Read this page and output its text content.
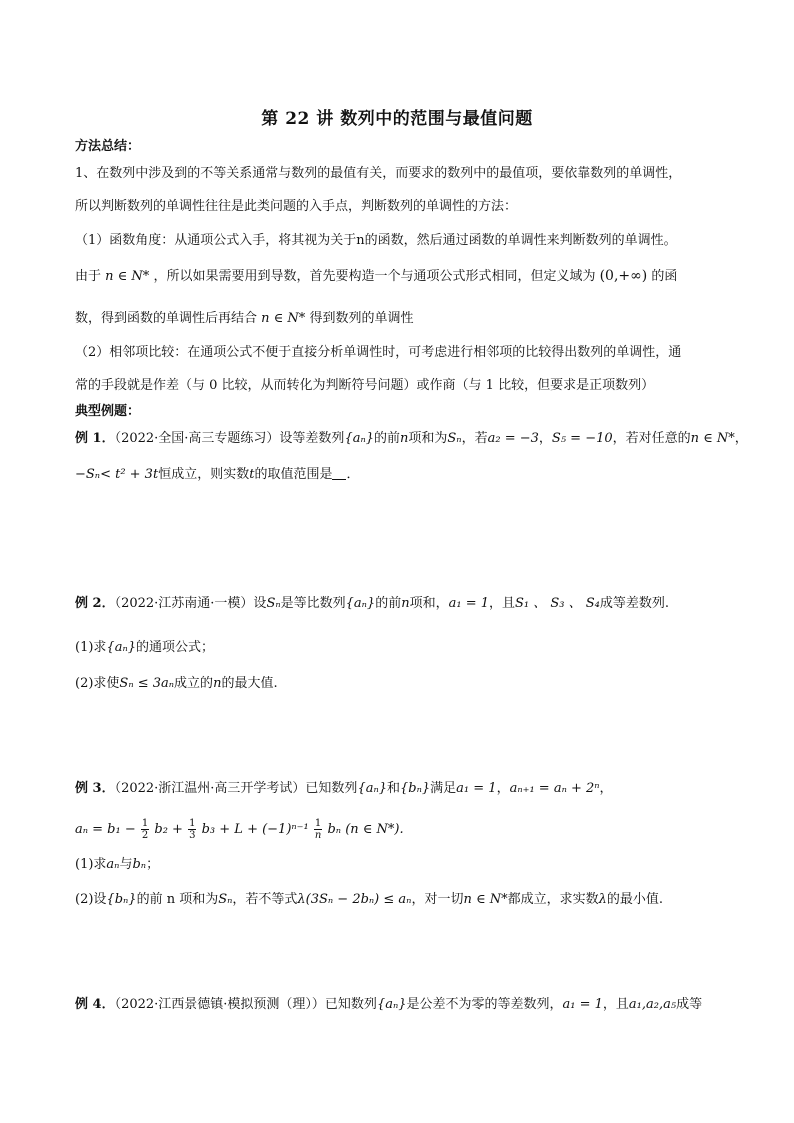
第 22 讲 数列中的范围与最值问题
方法总结：
1、在数列中涉及到的不等关系通常与数列的最值有关，而要求的数列中的最值项，要依靠数列的单调性，
所以判断数列的单调性往往是此类问题的入手点，判断数列的单调性的方法：
（1）函数角度：从通项公式入手，将其视为关于n的函数，然后通过函数的单调性来判断数列的单调性。
由于 n ∈ N* ，所以如果需要用到导数，首先要构造一个与通项公式形式相同，但定义域为 (0,+∞) 的函
数，得到函数的单调性后再结合 n ∈ N* 得到数列的单调性
（2）相邻项比较：在通项公式不便于直接分析单调性时，可考虑进行相邻项的比较得出数列的单调性，通
常的手段就是作差（与 0 比较，从而转化为判断符号问题）或作商（与 1 比较，但要求是正项数列）
典型例题：
例 1．（2022·全国·高三专题练习）设等差数列{aₙ}的前n项和为Sₙ，若a₂ = −3，S₅ = −10，若对任意的n ∈ N*，
−Sₙ< t² + 3t恒成立，则实数t的取值范围是 ．
例 2．（2022·江苏南通·一模）设Sₙ是等比数列{aₙ}的前n项和，a₁ = 1，且S₁ 、 S₃ 、 S₄成等差数列.
(1)求{aₙ}的通项公式；
(2)求使Sₙ ≤ 3aₙ成立的n的最大值.
例 3．（2022·浙江温州·高三开学考试）已知数列{aₙ}和{bₙ}满足a₁ = 1，aₙ₊₁ = aₙ + 2ⁿ，
$a_n = b_1 - \frac{1}{2} b_2 + \frac{1}{3} b_3 + L + (-1)^{n-1} \frac{1}{n}$ bₙ (n ∈ N*).
(1)求aₙ与bₙ；
(2)设{bₙ}的前 n 项和为Sₙ，若不等式λ(3Sₙ − 2bₙ) ≤ aₙ，对一切n ∈ N*都成立，求实数λ的最小值.
例 4．（2022·江西景德镇·模拟预测（理））已知数列{aₙ}是公差不为零的等差数列，a₁ = 1，且a₁,a₂,a₅成等
